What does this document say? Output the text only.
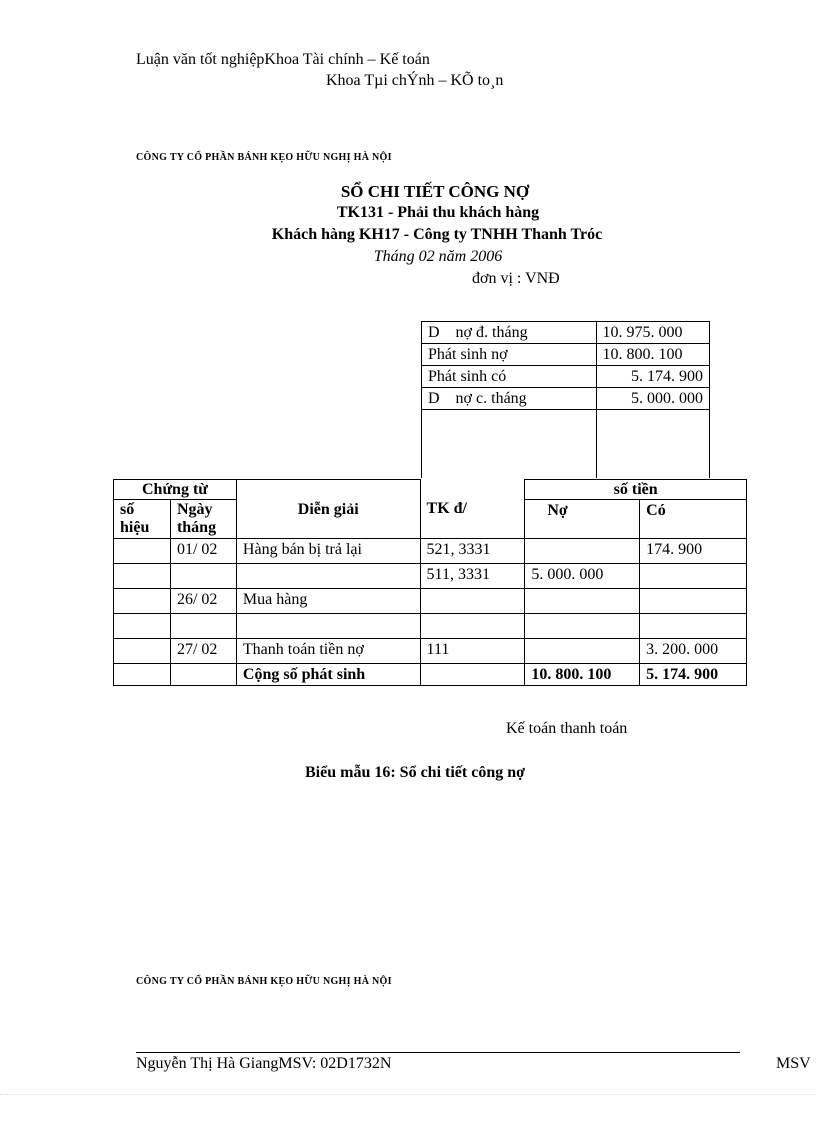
Luận văn tốt nghiệpKhoa Tài chính – Kế toán
Khoa Tµi chÝnh – KÕ to¸n
CÔNG TY CỔ PHẦN BÁNH KẸO HỮU NGHỊ HÀ NỘI
SỔ CHI TIẾT CÔNG NỢ
TK131 - Phải thu khách hàng
Khách hàng KH17 - Công ty TNHH Thanh Tróc
Tháng 02 năm 2006
đơn vị : VNĐ
D    nợ đ. tháng	10. 975. 000
Phát sinh nợ	10. 800. 100
Phát sinh có	5. 174. 900
D    nợ c. tháng	5. 000. 000

Chứng từ		Diễn giải	TK đ/	số tiền	
số hiệu	Ngày tháng			Nợ	Có
	01/ 02	Hàng bán bị trả lại	521, 3331		174. 900
			511, 3331	5. 000. 000	
	26/ 02	Mua hàng			

	27/ 02	Thanh toán tiền nợ	111		3. 200. 000
		Cộng số phát sinh		10. 800. 100	5. 174. 900
Kế toán thanh toán
Biểu mẫu 16: Sổ chi tiết công nợ
CÔNG TY CỔ PHẦN BÁNH KẸO HỮU NGHỊ HÀ NỘI
Nguyễn Thị Hà GiangMSV: 02D1732N	MSV
